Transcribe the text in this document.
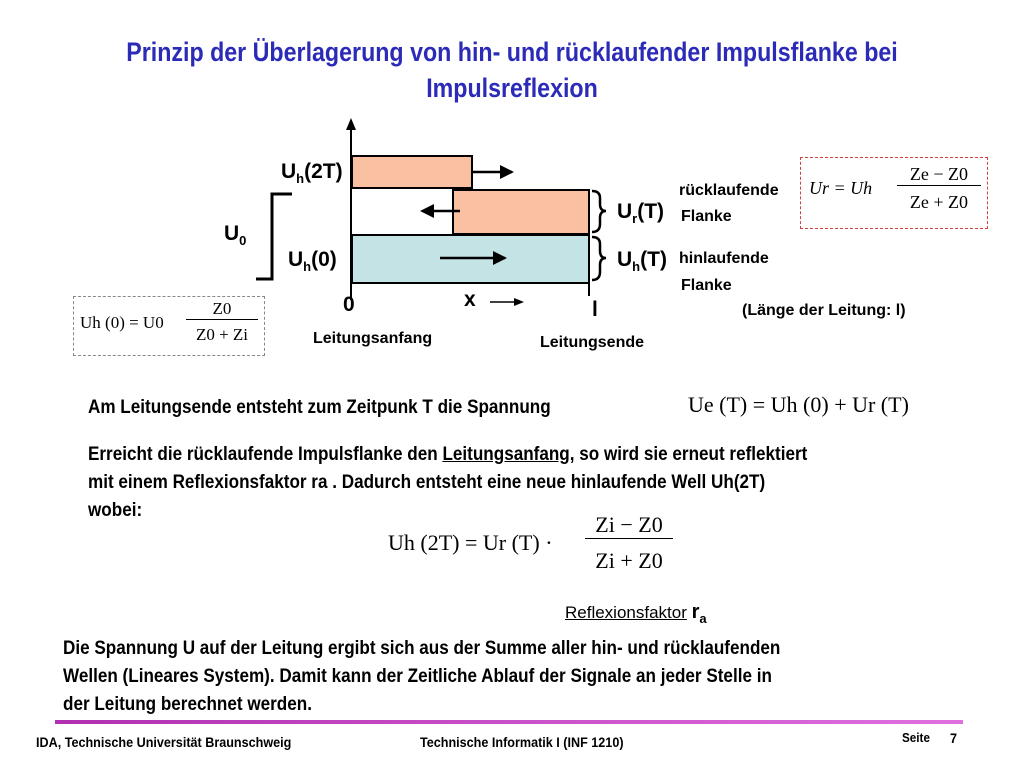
Prinzip der Überlagerung von hin- und rücklaufender Impulsflanke bei Impulsreflexion
$U_h(2T)$
$U_0$
$U_h(0)$
$U_r(T)$
$U_h(T)$
0	x	l
Leitungsanfang	Leitungsende
rücklaufende
Flanke
hinlaufende
Flanke
(Länge der Leitung: l)
Ur = Uh
Ze − Z0
Ze + Z0
Uh (0) = U0
Z0
Z0 + Zi
Am Leitungsende entsteht zum Zeitpunk T die Spannung	Ue (T) = Uh (0) + Ur (T)
Erreicht die rücklaufende Impulsflanke den Leitungsanfang, so wird sie erneut reflektiert
mit einem Reflexionsfaktor ra . Dadurch entsteht eine neue hinlaufende Well Uh(2T)
wobei:
Uh (2T) = Ur (T) ·
Zi − Z0
Zi + Z0
Reflexionsfaktor $r_a$
Die Spannung U auf der Leitung ergibt sich aus der Summe aller hin- und rücklaufenden
Wellen (Lineares System). Damit kann der Zeitliche Ablauf der Signale an jeder Stelle in
der Leitung berechnet werden.
IDA, Technische Universität Braunschweig	Technische Informatik I (INF 1210)	Seite 7
